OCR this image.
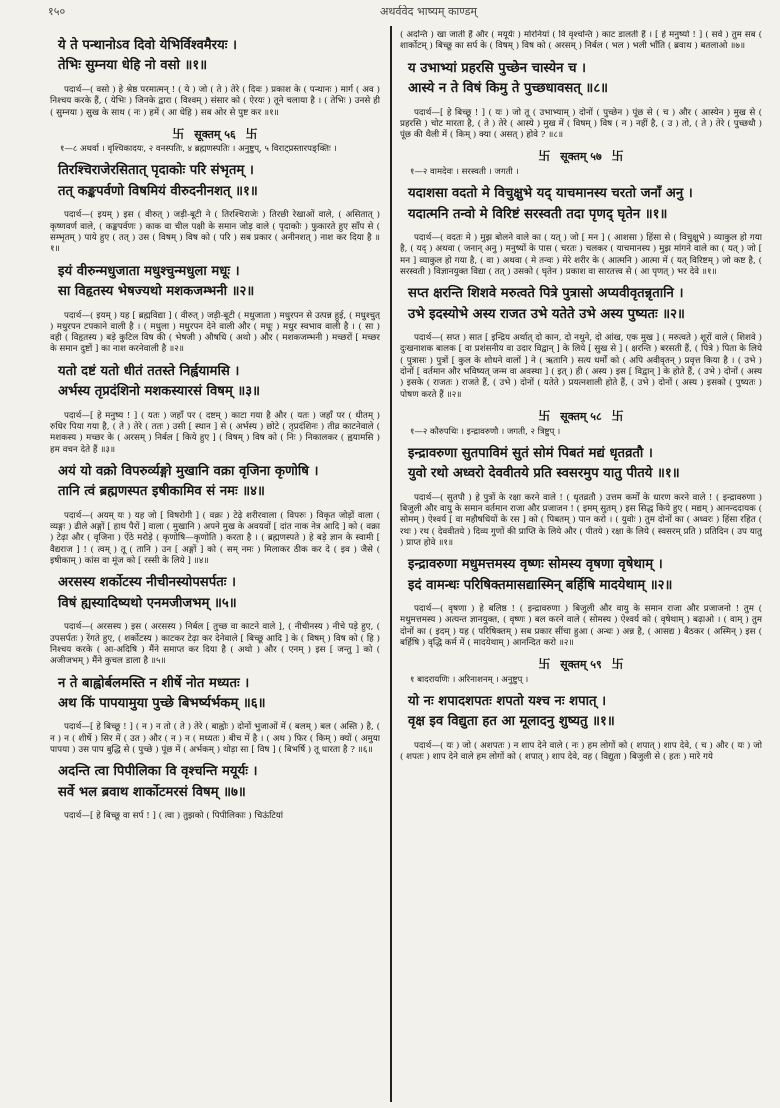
१५०	अथर्ववेद भाष्यम् काण्डम्
ये ते पन्थानोऽव दिवो येभिर्विश्वमैरयः ।
तेभिः सुम्नया धेहि नो वसो ॥१॥

पदार्थ—( वसो ) हे श्रेष्ठ परमात्मन् ! ( ये ) जो ( ते ) तेरे ( दिवः ) प्रकाश के ( पन्थानः ) मार्ग ( अव ) निश्चय करके हैं, ( येभिः ) जिनके द्वारा ( विश्वम् ) संसार को ( ऐरयः ) तूने चलाया है । ( तेभिः ) उनसे ही ( सुम्नया ) सुख के साथ ( नः ) हमें ( आ धेहि ) सब ओर से पुष्ट कर ॥१॥

卐 सूक्तम् ५६ 卐
१—८ अथर्वा । वृश्चिकादयः, २ वनस्पतिः, ४ ब्रह्मणस्पतिः । अनुष्टुप्, ५ विराट्प्रस्तारपङ्क्तिः ।
तिरश्चिराजेरसितात् पृदाकोः परि संभृतम् ।
तत् कङ्कपर्वणो विषमियं वीरुदनीनशत् ॥१॥

पदार्थ—( इयम् ) इस ( वीरुत् ) जड़ी-बूटी ने ( तिरश्चिराजेः ) तिरछी रेखाओं वाले, ( असितात् ) कृष्णवर्ण वाले, ( कङ्कपर्वणः ) काक वा चील पक्षी के समान जोड़ वाले ( पृदाकोः ) फुकारते हुए साँप से ( सम्भृतम् ) पाये हुए ( तत् ) उस ( विषम् ) विष को ( परि ) सब प्रकार ( अनीनशत् ) नाश कर दिया है ॥१॥

इयं वीरुन्मधुजाता मधुश्चुन्मधुला मधूः ।
सा विहृतस्य भेषज्यथो मशकजम्भनी ॥२॥

पदार्थ—( इयम् ) यह [ ब्रह्मविद्या ] ( वीरुत् ) जड़ी-बूटी ( मधुजाता ) मधुरपन से उत्पन्न हुई, ( मधुश्चुत् ) मधुरपन टपकाने वाली है । ( मधुला ) मधुरपन देने वाली और ( मधूः ) मधुर स्वभाव वाली है । ( सा ) वही ( विहृतस्य ) बड़े कुटिल विष की ( भेषजी ) औषधि ( अथो ) और ( मशकजम्भनी ) मच्छरों [ मच्छर के समान दुष्टों ] का नाश करनेवाली है ॥२॥

यतो दष्टं यतो धीतं ततस्ते निर्ह्वयामसि ।
अर्भस्य तृप्रदंशिनो मशकस्यारसं विषम् ॥३॥

पदार्थ—[ हे मनुष्य ! ] ( यतः ) जहाँ पर ( दष्टम् ) काटा गया है और ( यतः ) जहाँ पर ( धीतम् ) रुधिर पिया गया है, ( ते ) तेरे ( ततः ) उसी [ स्थान ] से ( अर्भस्य ) छोटे ( तृप्रदंशिनः ) तीव्र काटनेवाले ( मशकस्य ) मच्छर के ( अरसम् ) निर्बल [ किये हुए ] ( विषम् ) विष को ( निः ) निकालकर ( ह्वयामसि ) हम वचन देते हैं ॥३॥

अयं यो वक्रो विपरुर्व्यङ्गो मुखानि वक्रा वृजिना कृणोषि ।
तानि त्वं ब्रह्मणस्पत इषीकामिव सं नमः ॥४॥

पदार्थ—( अयम् यः ) यह जो [ विषरोगी ] ( वक्रः ) टेढ़े शरीरवाला ( विपरुः ) विकृत जोड़ों वाला ( व्यङ्गः ) ढीले अङ्गों [ हाथ पैरों ] वाला ( मुखानि ) अपने मुख के अवयवों [ दांत नाक नेत्र आदि ] को ( वक्रा ) टेढ़ा और ( वृजिना ) ऐंठे मरोड़े ( कृणोषि—कृणोति ) करता है । ( ब्रह्मणस्पते ) हे बड़े ज्ञान के स्वामी [ वैद्यराज ] ! ( त्वम् ) तू ( तानि ) उन [ अङ्गों ] को ( सम् नमः ) मिलाकर ठीक कर दे ( इव ) जैसे ( इषीकाम् ) कांस वा मूंज को [ रस्सी के लिये ] ॥४॥

अरसस्य शर्कोटस्य नीचीनस्योपसर्पतः ।
विषं ह्यस्यादिष्यथो एनमजीजभम् ॥५॥

पदार्थ—( अरसस्य ) इस ( अरसस्य ) निर्बल [ तुच्छ वा काटने वाले ], ( नीचीनस्य ) नीचे पड़े हुए, ( उपसर्पतः ) रेंगते हुए, ( शर्कोटस्य ) काटकर टेढ़ा कर देनेवाले [ बिच्छू आदि ] के ( विषम् ) विष को ( हि ) निश्चय करके ( आ-अदिषि ) मैंने समाप्त कर दिया है ( अथो ) और ( एनम् ) इस [ जन्तु ] को ( अजीजभम् ) मैंने कुचल डाला है ॥५॥

न ते बाह्वोर्बलमस्ति न शीर्षे नोत मध्यतः ।
अथ किं पापयामुया पुच्छे बिभर्ष्यर्भकम् ॥६॥

पदार्थ—[ हे बिच्छू ! ] ( न ) न तो ( ते ) तेरे ( बाह्वोः ) दोनों भुजाओं में ( बलम् ) बल ( अस्ति ) है, ( न ) न ( शीर्षे ) सिर में ( उत ) और ( न ) न ( मध्यतः ) बीच में है । ( अथ ) फिर ( किम् ) क्यों ( अमुया पापया ) उस पाप बुद्धि से ( पुच्छे ) पूंछ में ( अर्भकम् ) थोड़ा सा [ विष ] ( बिभर्षि ) तू धारता है ? ॥६॥

अदन्ति त्वा पिपीलिका वि वृश्चन्ति मयूर्यः ।
सर्वे भल ब्रवाथ शार्कोटमरसं विषम् ॥७॥

पदार्थ—[ हे बिच्छू वा सर्प ! ] ( त्वा ) तुझको ( पिपीलिकाः ) चिऊंटियां

( अदन्ति ) खा जाती हैं और ( मयूर्यः ) मोरनियां ( वि वृश्चन्ति ) काट डालती हैं । [ हे मनुष्यो ! ] ( सर्वे ) तुम सब ( शार्कोटम् ) बिच्छू का सर्प के ( विषम् ) विष को ( अरसम् ) निर्बल ( भल ) भली भाँति ( ब्रवाथ ) बतलाओ ॥७॥

य उभाभ्यां प्रहरसि पुच्छेन चास्येन च ।
आस्ये न ते विषं किमु ते पुच्छधावसत् ॥८॥

पदार्थ—[ हे बिच्छू ! ] ( यः ) जो तू ( उभाभ्याम् ) दोनों ( पुच्छेन ) पूंछ से ( च ) और ( आस्येन ) मुख से ( प्रहरसि ) चोट मारता है, ( ते ) तेरे ( आस्ये ) मुख में ( विषम् ) विष ( न ) नहीं है, ( उ ) तो, ( ते ) तेरे ( पुच्छधौ ) पूंछ की थैली में ( किम् ) क्या ( असत् ) होवे ? ॥८॥

卐 सूक्तम् ५७ 卐
१—२ वामदेवः । सरस्वती । जगती ।
यदाशसा वदतो मे विचुक्षुभे यद् याचमानस्य चरतो जनाँ अनु ।
यदात्मनि तन्वो मे विरिष्टं सरस्वती तदा पृणद् घृतेन ॥१॥

पदार्थ—( वदतः मे ) मुझ बोलने वाले का ( यत् ) जो [ मन ] ( आशसा ) हिंसा से ( विचुक्षुभे ) व्याकुल हो गया है, ( यद् ) अथवा ( जनान् अनु ) मनुष्यों के पास ( चरतः ) चलकर ( याचमानस्य ) मुझ मांगने वाले का ( यत् ) जो [ मन ] व्याकुल हो गया है, ( वा ) अथवा ( मे तन्वः ) मेरे शरीर के ( आत्मनि ) आत्मा में ( यत् विरिष्टम् ) जो कष्ट है, ( सरस्वती ) विज्ञानयुक्त विद्या ( तत् ) उसको ( घृतेन ) प्रकाश वा सारतत्त्व से ( आ पृणत् ) भर देवे ॥१॥

सप्त क्षरन्ति शिशवे मरुत्वते पित्रे पुत्रासो अप्यवीवृतन्नृतानि ।
उभे इदस्योभे अस्य राजत उभे यतेते उभे अस्य पुष्यतः ॥२॥

पदार्थ—( सप्त ) सात [ इन्द्रिय अर्थात् दो कान, दो नथुने, दो आंख, एक मुख ] ( मरुत्वते ) शूरों वाले ( शिशवे ) दुःखनाशक बालक [ वा प्रशंसनीय वा उदार विद्वान् ] के लिये [ सुख से ] ( क्षरन्ति ) बरसती हैं, ( पित्रे ) पिता के लिये ( पुत्रासः ) पुत्रों [ कुल के शोधने वालों ] ने ( ऋतानि ) सत्य धर्मों को ( अपि अवीवृतन् ) प्रवृत्त किया है । ( उभे ) दोनों [ वर्तमान और भविष्यत् जन्म वा अवस्था ] ( इत् ) ही ( अस्य ) इस [ विद्वान् ] के होते हैं, ( उभे ) दोनों ( अस्य ) इसके ( राजतः ) राजते हैं, ( उभे ) दोनों ( यतेते ) प्रयत्नशाली होते हैं, ( उभे ) दोनों ( अस्य ) इसको ( पुष्यतः ) पोषण करते हैं ॥२॥

卐 सूक्तम् ५८ 卐
१—२ कौरुपथिः । इन्द्रावरुणौ । जगती, २ त्रिष्टुप् ।
इन्द्रावरुणा सुतपाविमं सुतं सोमं पिबतं मद्यं धृतव्रतौ ।
युवो रथो अध्वरो देववीतये प्रति स्वसरमुप यातु पीतये ॥१॥

पदार्थ—( सुतपौ ) हे पुत्रों के रक्षा करने वाले ! ( धृतव्रतौ ) उत्तम कर्मों के धारण करने वाले ! ( इन्द्रावरुणा ) बिजुली और वायु के समान वर्तमान राजा और प्रजाजन ! ( इमम् सुतम् ) इस सिद्ध किये हुए ( मद्यम् ) आनन्ददायक ( सोमम् ) ऐश्वर्य [ वा महौषधियों के रस ] को ( पिबतम् ) पान करो । ( युवोः ) तुम दोनों का ( अध्वरः ) हिंसा रहित ( रथः ) रथ ( देववीतये ) दिव्य गुणों की प्राप्ति के लिये और ( पीतये ) रक्षा के लिये ( स्वसरम् प्रति ) प्रतिदिन ( उप यातु ) प्राप्त होवे ॥१॥

इन्द्रावरुणा मधुमत्तमस्य वृष्णः सोमस्य वृषणा वृषेथाम् ।
इदं वामन्धः परिषिक्तमासद्यास्मिन् बर्हिषि मादयेथाम् ॥२॥

पदार्थ—( वृषणा ) हे बलिष्ठ ! ( इन्द्रावरुणा ) बिजुली और वायु के समान राजा और प्रजाजनो ! तुम ( मधुमत्तमस्य ) अत्यन्त ज्ञानयुक्त, ( वृष्णः ) बल करने वाले ( सोमस्य ) ऐश्वर्य को ( वृषेथाम् ) बढ़ाओ । ( वाम् ) तुम दोनों का ( इदम् ) यह ( परिषिक्तम् ) सब प्रकार सींचा हुआ ( अन्धः ) अन्न है, ( आसद्य ) बैठकर ( अस्मिन् ) इस ( बर्हिषि ) वृद्धि कर्म में ( मादयेथाम् ) आनन्दित करो ॥२॥

卐 सूक्तम् ५९ 卐
१ बादरायणिः । अरिनाशनम् । अनुष्टुप् ।
यो नः शपादशपतः शपतो यश्च नः शपात् ।
वृक्ष इव विद्युता हत आ मूलादनु शुष्यतु ॥१॥

पदार्थ—( यः ) जो ( अशपतः ) न शाप देने वाले ( नः ) हम लोगों को ( शपात् ) शाप देवे, ( च ) और ( यः ) जो ( शपतः ) शाप देने वाले हम लोगों को ( शपात् ) शाप देवे, वह ( विद्युता ) बिजुली से ( हतः ) मारे गये
